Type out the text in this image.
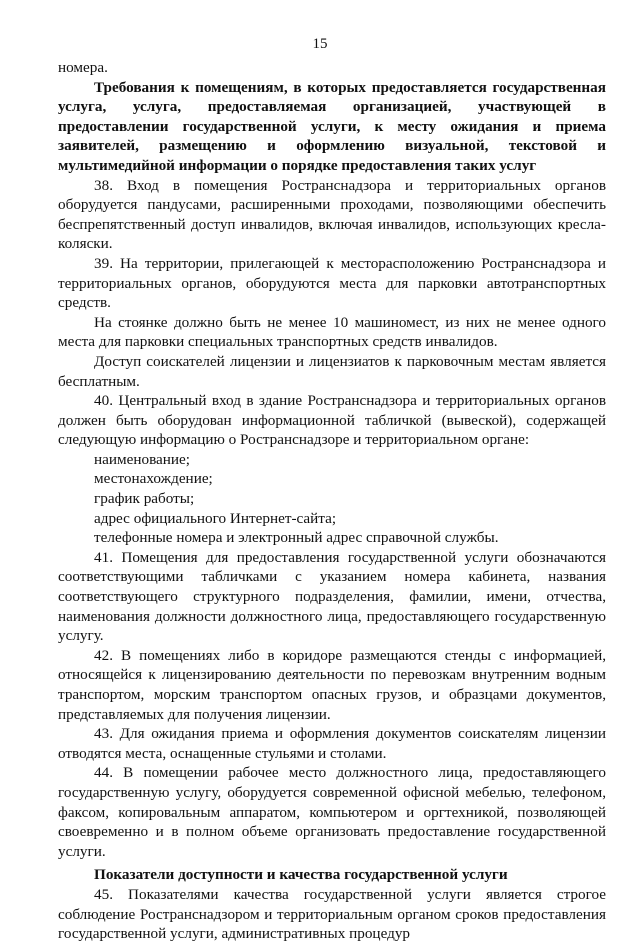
15

номера.

Требования к помещениям, в которых предоставляется государственная услуга, услуга, предоставляемая организацией, участвующей в предоставлении государственной услуги, к месту ожидания и приема заявителей, размещению и оформлению визуальной, текстовой и мультимедийной информации о порядке предоставления таких услуг

38. Вход в помещения Ространснадзора и территориальных органов оборудуется пандусами, расширенными проходами, позволяющими обеспечить беспрепятственный доступ инвалидов, включая инвалидов, использующих кресла-коляски.

39. На территории, прилегающей к месторасположению Ространснадзора и территориальных органов, оборудуются места для парковки автотранспортных средств.

На стоянке должно быть не менее 10 машиномест, из них не менее одного места для парковки специальных транспортных средств инвалидов.

Доступ соискателей лицензии и лицензиатов к парковочным местам является бесплатным.

40. Центральный вход в здание Ространснадзора и территориальных органов должен быть оборудован информационной табличкой (вывеской), содержащей следующую информацию о Ространснадзоре и территориальном органе:

наименование;

местонахождение;

график работы;

адрес официального Интернет-сайта;

телефонные номера и электронный адрес справочной службы.

41. Помещения для предоставления государственной услуги обозначаются соответствующими табличками с указанием номера кабинета, названия соответствующего структурного подразделения, фамилии, имени, отчества, наименования должности должностного лица, предоставляющего государственную услугу.

42. В помещениях либо в коридоре размещаются стенды с информацией, относящейся к лицензированию деятельности по перевозкам внутренним водным транспортом, морским транспортом опасных грузов, и образцами документов, представляемых для получения лицензии.

43. Для ожидания приема и оформления документов соискателям лицензии отводятся места, оснащенные стульями и столами.

44. В помещении рабочее место должностного лица, предоставляющего государственную услугу, оборудуется современной офисной мебелью, телефоном, факсом, копировальным аппаратом, компьютером и оргтехникой, позволяющей своевременно и в полном объеме организовать предоставление государственной услуги.

Показатели доступности и качества государственной услуги

45. Показателями качества государственной услуги является строгое соблюдение Ространснадзором и территориальным органом сроков предоставления государственной услуги, административных процедур
